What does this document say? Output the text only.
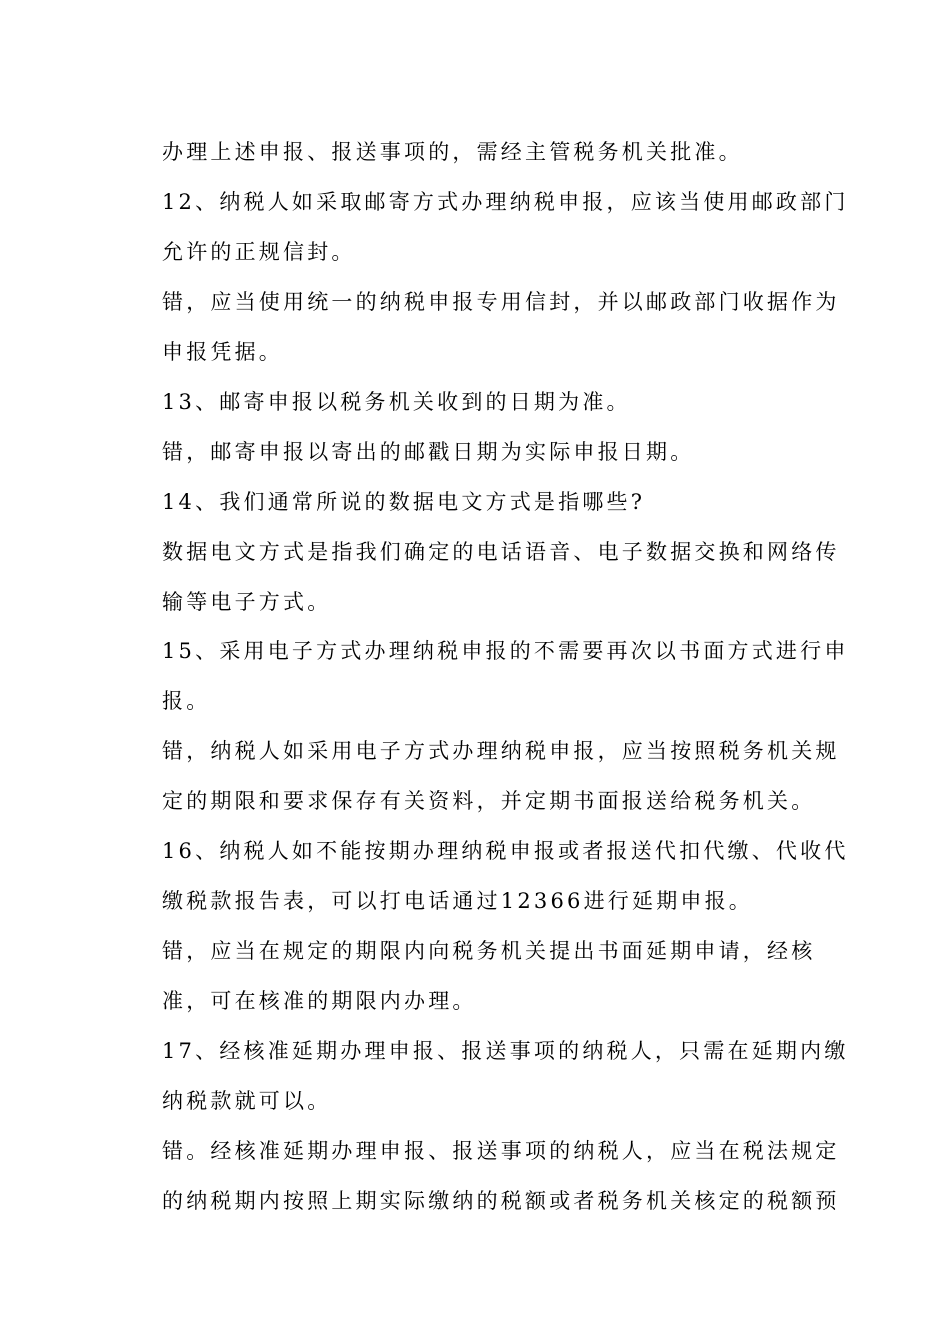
办理上述申报、报送事项的，需经主管税务机关批准。
12、纳税人如采取邮寄方式办理纳税申报，应该当使用邮政部门
允许的正规信封。
错，应当使用统一的纳税申报专用信封，并以邮政部门收据作为
申报凭据。
13、邮寄申报以税务机关收到的日期为准。
错，邮寄申报以寄出的邮戳日期为实际申报日期。
14、我们通常所说的数据电文方式是指哪些?
数据电文方式是指我们确定的电话语音、电子数据交换和网络传
输等电子方式。
15、采用电子方式办理纳税申报的不需要再次以书面方式进行申
报。
错，纳税人如采用电子方式办理纳税申报，应当按照税务机关规
定的期限和要求保存有关资料，并定期书面报送给税务机关。
16、纳税人如不能按期办理纳税申报或者报送代扣代缴、代收代
缴税款报告表，可以打电话通过12366进行延期申报。
错，应当在规定的期限内向税务机关提出书面延期申请，经核
准，可在核准的期限内办理。
17、经核准延期办理申报、报送事项的纳税人，只需在延期内缴
纳税款就可以。
错。经核准延期办理申报、报送事项的纳税人，应当在税法规定
的纳税期内按照上期实际缴纳的税额或者税务机关核定的税额预
